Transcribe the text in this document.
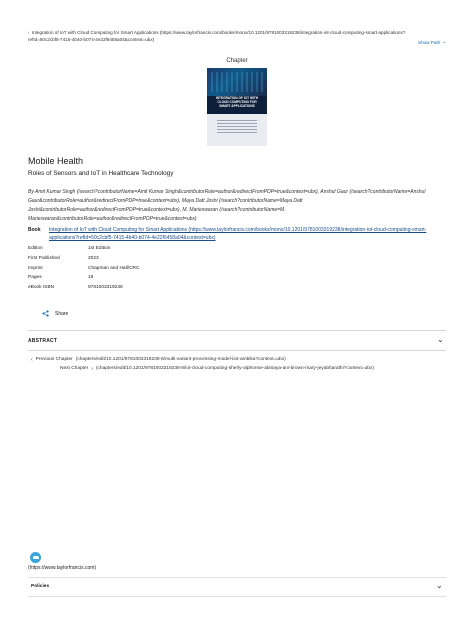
‹ Integration of IoT with Cloud Computing for Smart Applications (https://www.taylorfrancis.com/books/mono/10.1201/9781003319238/integration-iot-cloud-computing-smart-applications?refId=50c2cbf5-7415-4b40-b074-4e22f6458a04&context=ubx)	Show Path ⌄
Chapter
INTEGRATION OF IOT WITH CLOUD COMPUTING FOR SMART APPLICATIONS
Mobile Health
Roles of Sensors and IoT in Healthcare Technology
By Amit Kumar Singh (/search?contributorName=Amit Kumar Singh&contributorRole=author&redirectFromPDP=true&context=ubx), Anshul Gaur (/search?contributorName=Anshul Gaur&contributorRole=author&redirectFromPDP=true&context=ubx), Maya Datt Joshi (/search?contributorName=Maya Datt Joshi&contributorRole=author&redirectFromPDP=true&context=ubx), M. Marieswaran (/search?contributorName=M. Marieswaran&contributorRole=author&redirectFromPDP=true&context=ubx)
Book	Integration of IoT with Cloud Computing for Smart Applications (https://www.taylorfrancis.com/books/mono/10.1201/9781003319238/integration-iot-cloud-computing-smart-applications?refId=50c2cbf5-7415-4b40-b074-4e22f6458a04&context=ubx)
Edition	1st Edition
First Published	2023
Imprint	Chapman and Hall/CRC
Pages	19
eBook ISBN	9781003319238
Share
ABSTRACT	⌄
‹ Previous Chapter (chapters/edit/10.1201/9781003319238-6/multi-variant-processing-model-iiot-ambika?context=ubx)
Next Chapter › (chapters/edit/10.1201/9781003319238-8/iot-cloud-computing-sherly-alphonse-abinaya-ani-brown-mary-jeyabharathi?context=ubx)
(https://www.taylorfrancis.com)
Policies	⌄
